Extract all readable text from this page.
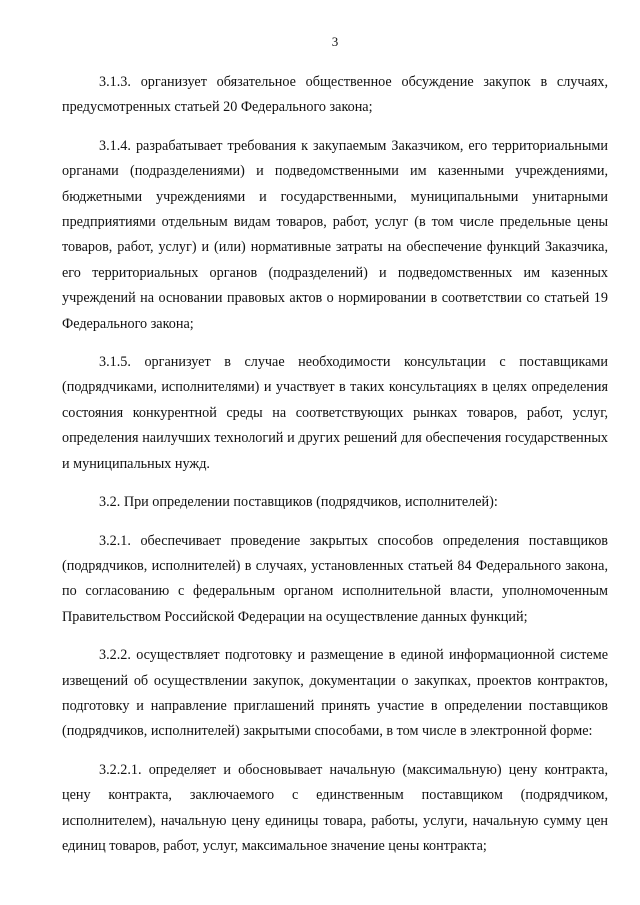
3

3.1.3. организует обязательное общественное обсуждение закупок в случаях, предусмотренных статьей 20 Федерального закона;

3.1.4. разрабатывает требования к закупаемым Заказчиком, его территориальными органами (подразделениями) и подведомственными им казенными учреждениями, бюджетными учреждениями и государственными, муниципальными унитарными предприятиями отдельным видам товаров, работ, услуг (в том числе предельные цены товаров, работ, услуг) и (или) нормативные затраты на обеспечение функций Заказчика, его территориальных органов (подразделений) и подведомственных им казенных учреждений на основании правовых актов о нормировании в соответствии со статьей 19 Федерального закона;

3.1.5. организует в случае необходимости консультации с поставщиками (подрядчиками, исполнителями) и участвует в таких консультациях в целях определения состояния конкурентной среды на соответствующих рынках товаров, работ, услуг, определения наилучших технологий и других решений для обеспечения государственных и муниципальных нужд.

3.2. При определении поставщиков (подрядчиков, исполнителей):

3.2.1. обеспечивает проведение закрытых способов определения поставщиков (подрядчиков, исполнителей) в случаях, установленных статьей 84 Федерального закона, по согласованию с федеральным органом исполнительной власти, уполномоченным Правительством Российской Федерации на осуществление данных функций;

3.2.2. осуществляет подготовку и размещение в единой информационной системе извещений об осуществлении закупок, документации о закупках, проектов контрактов, подготовку и направление приглашений принять участие в определении поставщиков (подрядчиков, исполнителей) закрытыми способами, в том числе в электронной форме:

3.2.2.1. определяет и обосновывает начальную (максимальную) цену контракта, цену контракта, заключаемого с единственным поставщиком (подрядчиком, исполнителем), начальную цену единицы товара, работы, услуги, начальную сумму цен единиц товаров, работ, услуг, максимальное значение цены контракта;
